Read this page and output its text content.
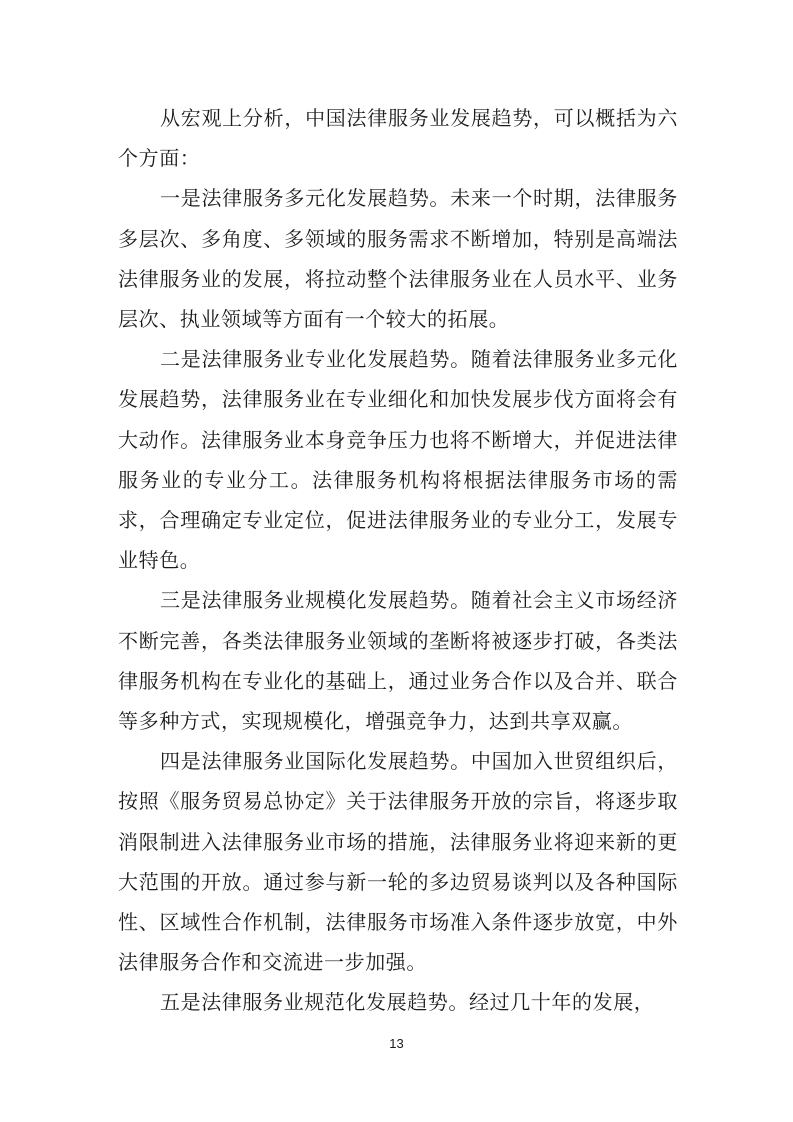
从宏观上分析，中国法律服务业发展趋势，可以概括为六个方面：

一是法律服务多元化发展趋势。未来一个时期，法律服务多层次、多角度、多领域的服务需求不断增加，特别是高端法法律服务业的发展，将拉动整个法律服务业在人员水平、业务层次、执业领域等方面有一个较大的拓展。

二是法律服务业专业化发展趋势。随着法律服务业多元化发展趋势，法律服务业在专业细化和加快发展步伐方面将会有大动作。法律服务业本身竞争压力也将不断增大，并促进法律服务业的专业分工。法律服务机构将根据法律服务市场的需求，合理确定专业定位，促进法律服务业的专业分工，发展专业特色。

三是法律服务业规模化发展趋势。随着社会主义市场经济不断完善，各类法律服务业领域的垄断将被逐步打破，各类法律服务机构在专业化的基础上，通过业务合作以及合并、联合等多种方式，实现规模化，增强竞争力，达到共享双赢。

四是法律服务业国际化发展趋势。中国加入世贸组织后，按照《服务贸易总协定》关于法律服务开放的宗旨，将逐步取消限制进入法律服务业市场的措施，法律服务业将迎来新的更大范围的开放。通过参与新一轮的多边贸易谈判以及各种国际性、区域性合作机制，法律服务市场准入条件逐步放宽，中外法律服务合作和交流进一步加强。

五是法律服务业规范化发展趋势。经过几十年的发展，

13
